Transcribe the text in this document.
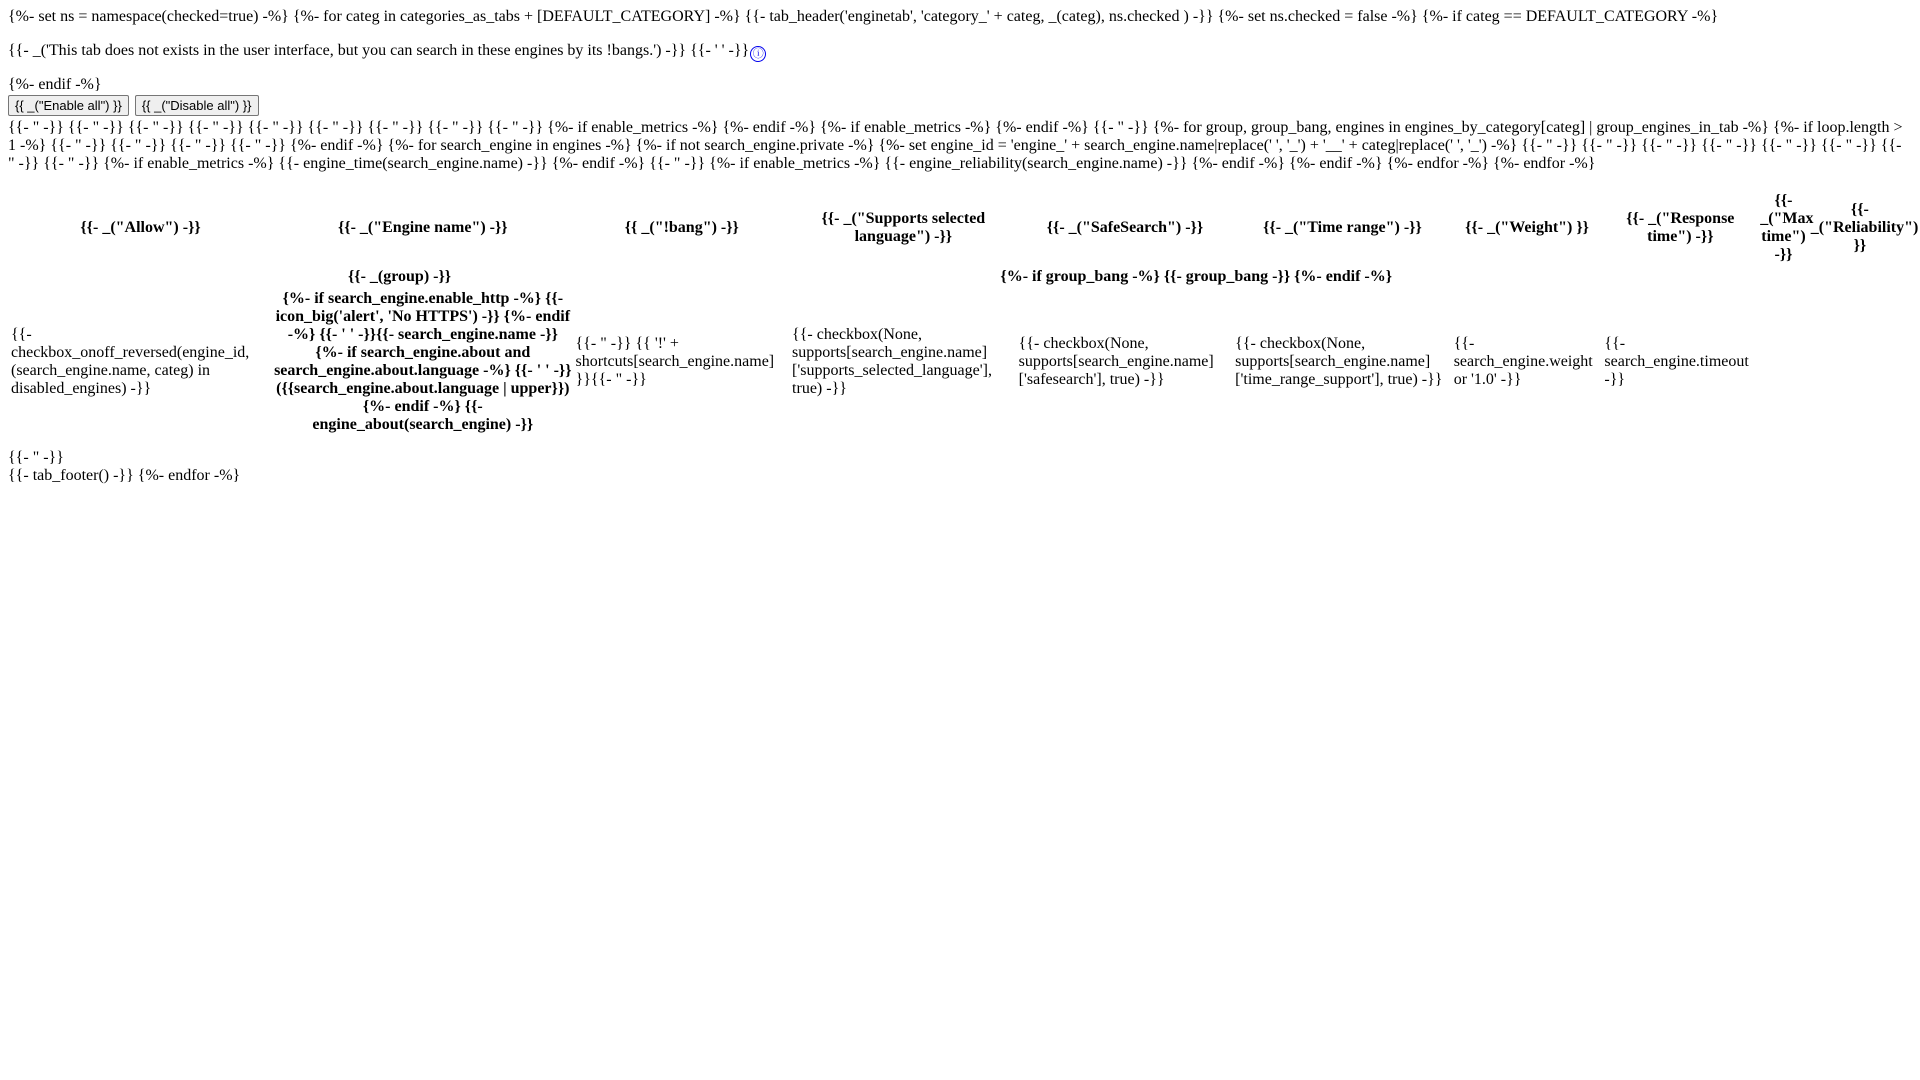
{%- set ns = namespace(checked=true) -%} {%- for categ in categories_as_tabs + [DEFAULT_CATEGORY] -%} {{- tab_header('enginetab', 'category_' + categ, _(categ), ns.checked ) -}} {%- set ns.checked = false -%} {%- if categ == DEFAULT_CATEGORY -%}

{{- _('This tab does not exists in the user interface, but you can search in these engines by its !bangs.') -}} {{- ' ' -}} ⓘ

{%- endif -%}

{{ _("Enable all") }}	{{ _("Disable all") }}

{{- " -}} {{- " -}} {{- " -}} {{- " -}} {{- " -}} {{- " -}} {{- " -}} {{- " -}} {{- " -}} {%- if enable_metrics -%} {%- endif -%} {%- if enable_metrics -%} {%- endif -%} {{- " -}} {%- for group, group_bang, engines in engines_by_category[categ] | group_engines_in_tab -%} {%- if loop.length > 1 -%} {{- " -}} {{- " -}} {{- " -}} {{- " -}} {%- endif -%} {%- for search_engine in engines -%} {%- if not search_engine.private -%} {%- set engine_id = 'engine_' + search_engine.name|replace(' ', '_') + '__' + categ|replace(' ', '_') -%} {{- " -}} {{- " -}} {{- " -}} {{- " -}} {{- " -}} {{- " -}} {{- " -}} {{- " -}} {%- if enable_metrics -%} {{- engine_time(search_engine.name) -}} {%- endif -%} {{- " -}} {%- if enable_metrics -%} {{- engine_reliability(search_engine.name) -}} {%- endif -%} {%- endif -%} {%- endfor -%} {%- endfor -%}

{{- _("Allow") -}}	{{- _("Engine name") -}}	{{ _("!bang") -}}	{{- _("Supports selected language") -}}	{{- _("SafeSearch") -}}	{{- _("Time range") -}}	{{- _("Weight") }}	{{- _("Response time") -}}	{{- _("Max time") -}}	{{- _("Reliability") }}
{{- _(group) -}}			{%- if group_bang -%} {{- group_bang -}} {%- endif -%}						
{{- checkbox_onoff_reversed(engine_id, (search_engine.name, categ) in disabled_engines) -}}	{%- if search_engine.enable_http -%} {{- icon_big('alert', 'No HTTPS') -}} {%- endif -%} {{- ' ' -}}{{- search_engine.name -}} {%- if search_engine.about and search_engine.about.language -%} {{- ' ' -}}({{search_engine.about.language | upper}}) {%- endif -%} {{- engine_about(search_engine) -}}	{{- " -}} {{ '!' + shortcuts[search_engine.name] }}{{- " -}}	{{- checkbox(None, supports[search_engine.name]['supports_selected_language'], true) -}}	{{- checkbox(None, supports[search_engine.name]['safesearch'], true) -}}	{{- checkbox(None, supports[search_engine.name]['time_range_support'], true) -}}	{{- search_engine.weight or '1.0' -}}	{{- search_engine.timeout -}}		

{{- " -}}

{{- tab_footer() -}} {%- endfor -%}
